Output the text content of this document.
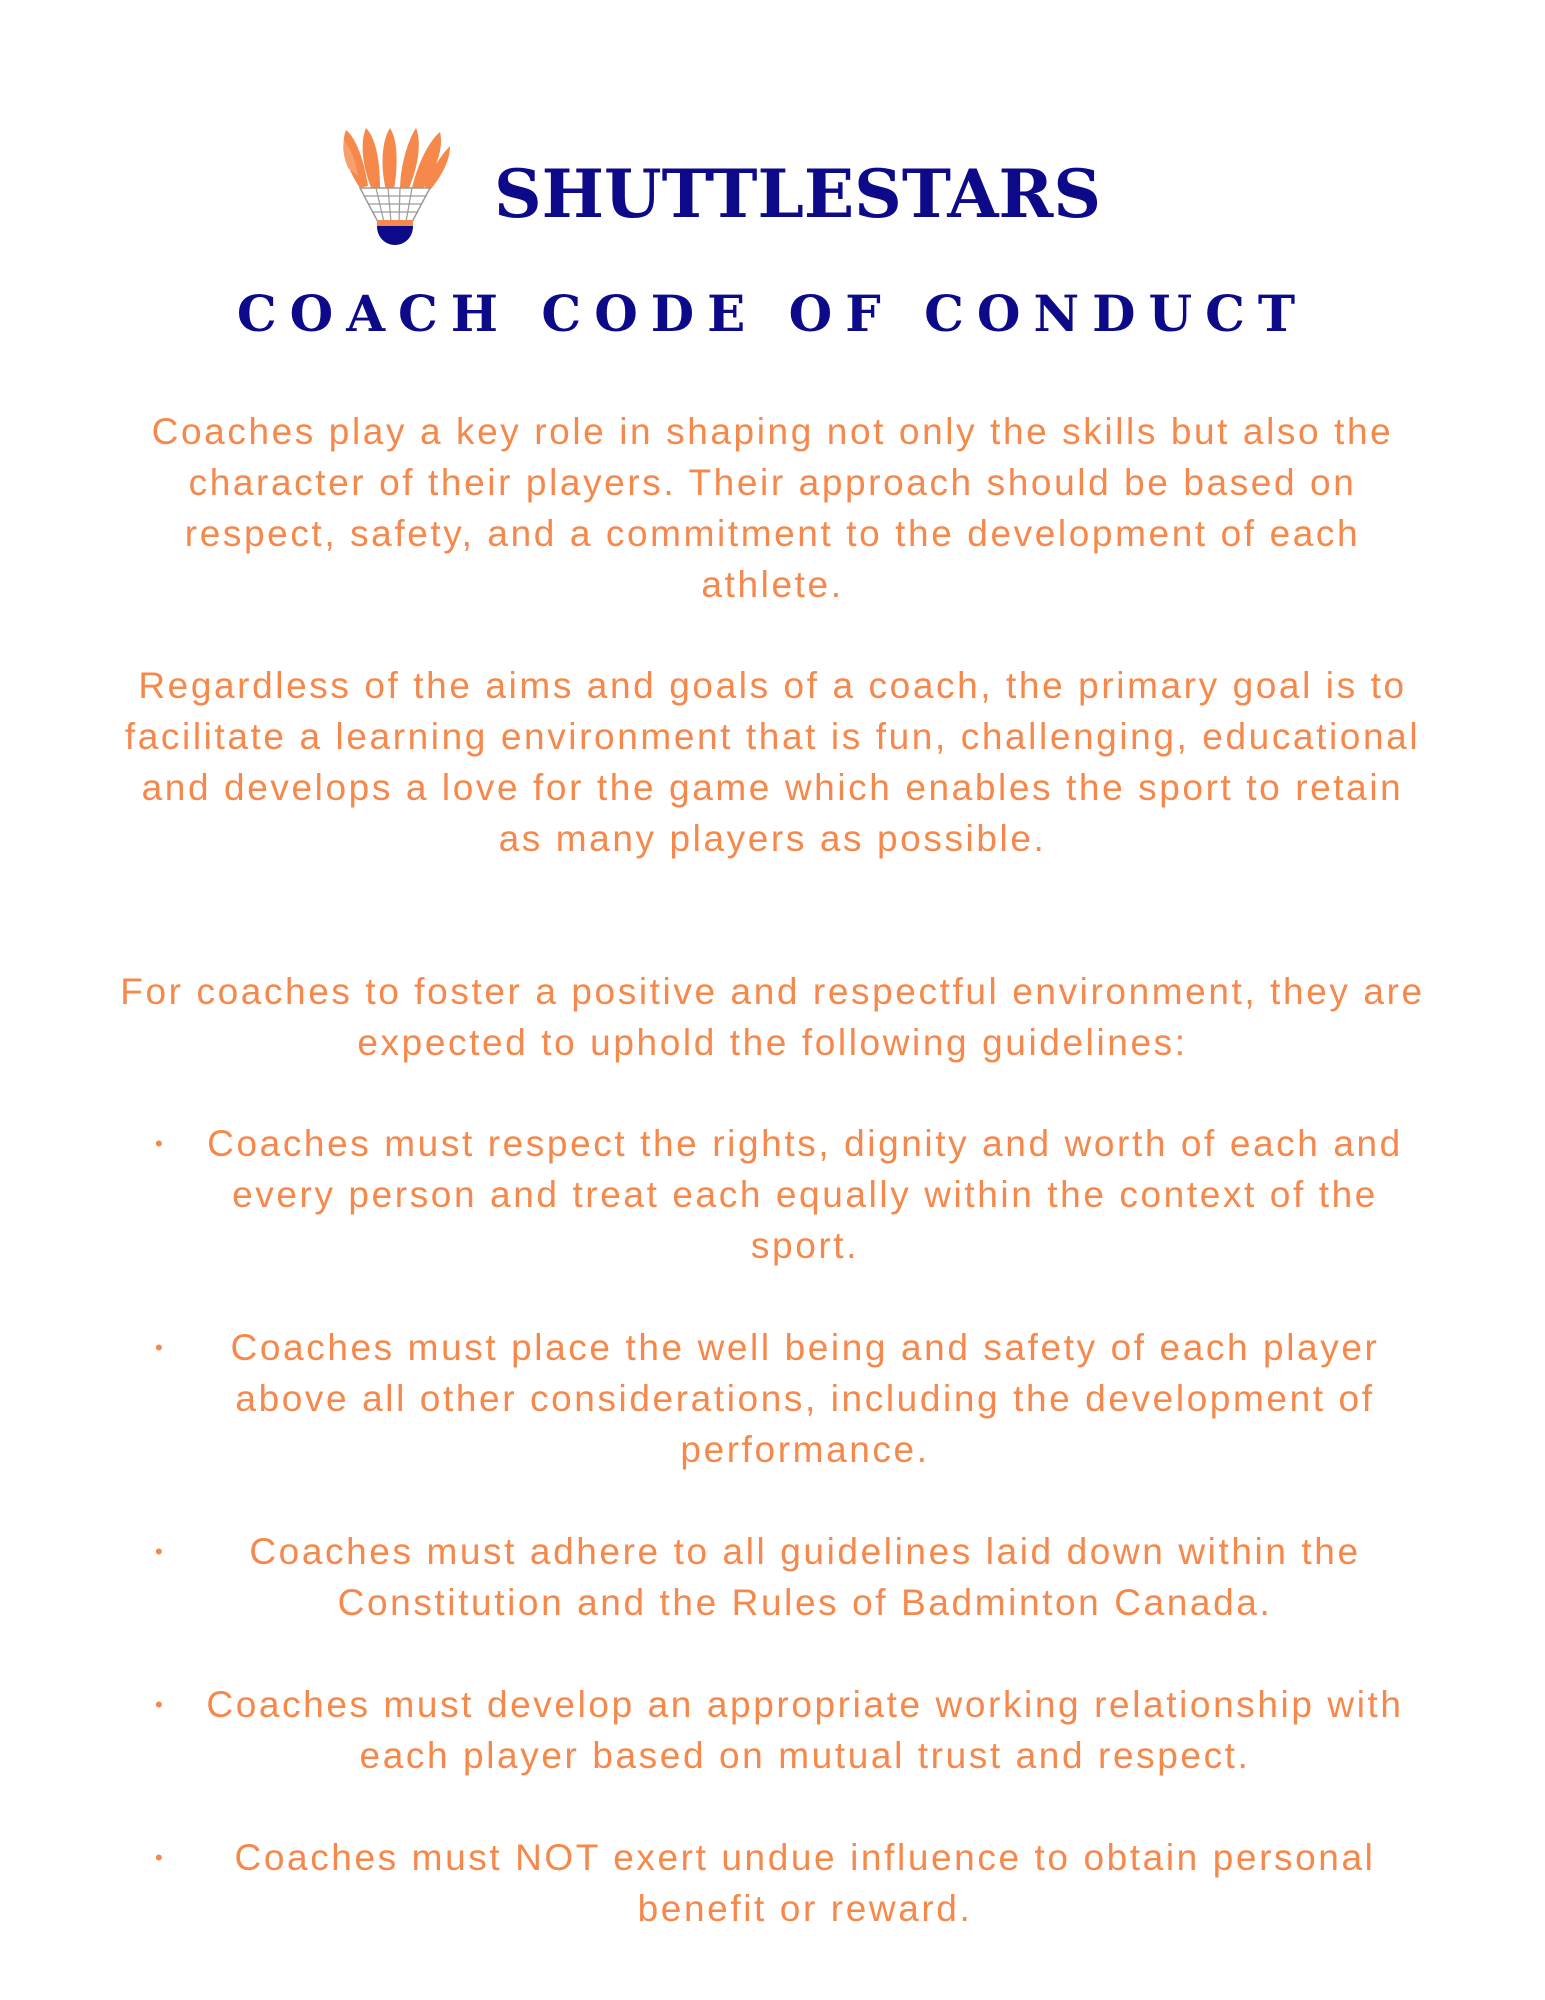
SHUTTLESTARS
COACH CODE OF CONDUCT

Coaches play a key role in shaping not only the skills but also the character of their players. Their approach should be based on respect, safety, and a commitment to the development of each athlete.

Regardless of the aims and goals of a coach, the primary goal is to facilitate a learning environment that is fun, challenging, educational and develops a love for the game which enables the sport to retain as many players as possible.

For coaches to foster a positive and respectful environment, they are expected to uphold the following guidelines:

• Coaches must respect the rights, dignity and worth of each and every person and treat each equally within the context of the sport.
•	Coaches must place the well being and safety of each player above all other considerations, including the development of performance.
•	Coaches must adhere to all guidelines laid down within the Constitution and the Rules of Badminton Canada.
• Coaches must develop an appropriate working relationship with each player based on mutual trust and respect.
•	Coaches must NOT exert undue influence to obtain personal benefit or reward.
